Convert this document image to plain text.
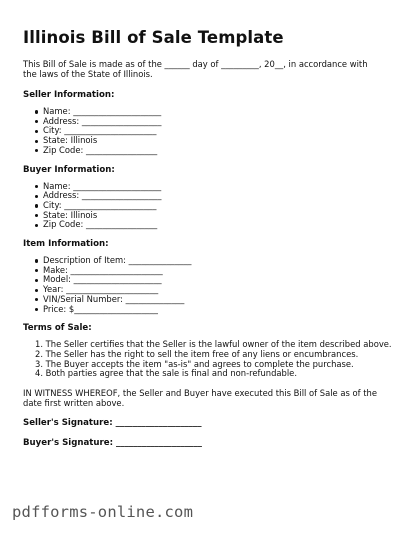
Illinois Bill of Sale Template

This Bill of Sale is made as of the ______ day of _________, 20__, in accordance with the laws of the State of Illinois.

Seller Information:
Name: _____________________
Address: ___________________
City: ______________________
State: Illinois
Zip Code: _________________
Buyer Information:
Name: _____________________
Address: ___________________
City: ______________________
State: Illinois
Zip Code: _________________
Item Information:
Description of Item: _______________
Make: ______________________
Model: _____________________
Year: ______________________
VIN/Serial Number: ______________
Price: $____________________
Terms of Sale:
1. The Seller certifies that the Seller is the lawful owner of the item described above.
2. The Seller has the right to sell the item free of any liens or encumbrances.
3. The Buyer accepts the item "as-is" and agrees to complete the purchase.
4. Both parties agree that the sale is final and non-refundable.

IN WITNESS WHEREOF, the Seller and Buyer have executed this Bill of Sale as of the date first written above.

Seller's Signature: ____________________
Buyer's Signature: ____________________
pdfforms-online.com
